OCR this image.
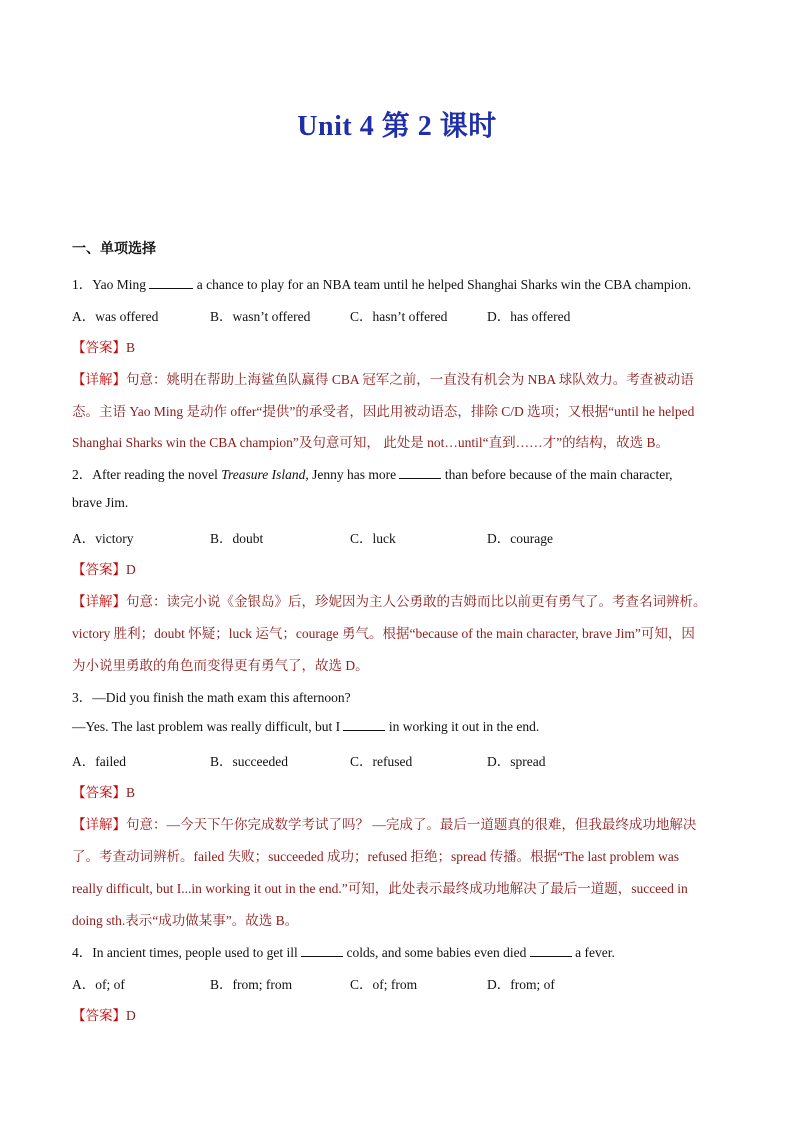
Unit 4 第 2 课时
一、单项选择
1．Yao Ming	a chance to play for an NBA team until he helped Shanghai Sharks win the CBA champion.
A．was offered	B．wasn’t offered	C．hasn’t offered	D．has offered
【答案】B
【详解】句意：姚明在帮助上海鲨鱼队赢得 CBA 冠军之前，一直没有机会为 NBA 球队效力。考查被动语
态。主语 Yao Ming 是动作 offer“提供”的承受者，因此用被动语态，排除 C/D 选项；又根据“until he helped
Shanghai Sharks win the CBA champion”及句意可知， 此处是 not…until“直到……才”的结构，故选 B。
2．After reading the novel Treasure Island, Jenny has more	than before because of the main character,
brave Jim.
A．victory	B．doubt	C．luck	D．courage
【答案】D
【详解】句意：读完小说《金银岛》后，珍妮因为主人公勇敢的吉姆而比以前更有勇气了。考查名词辨析。
victory 胜利；doubt 怀疑；luck 运气；courage 勇气。根据“because of the main character, brave Jim”可知，因
为小说里勇敢的角色而变得更有勇气了，故选 D。
3．—Did you finish the math exam this afternoon?
—Yes. The last problem was really difficult, but I	in working it out in the end.
A．failed	B．succeeded	C．refused	D．spread
【答案】B
【详解】句意：—今天下午你完成数学考试了吗？ —完成了。最后一道题真的很难，但我最终成功地解决
了。考查动词辨析。failed 失败；succeeded 成功；refused 拒绝；spread 传播。根据“The last problem was
really difficult, but I...in working it out in the end.”可知，此处表示最终成功地解决了最后一道题，succeed in
doing sth.表示“成功做某事”。故选 B。
4．In ancient times, people used to get ill	colds, and some babies even died	a fever.
A．of; of	B．from; from	C．of; from	D．from; of
【答案】D
